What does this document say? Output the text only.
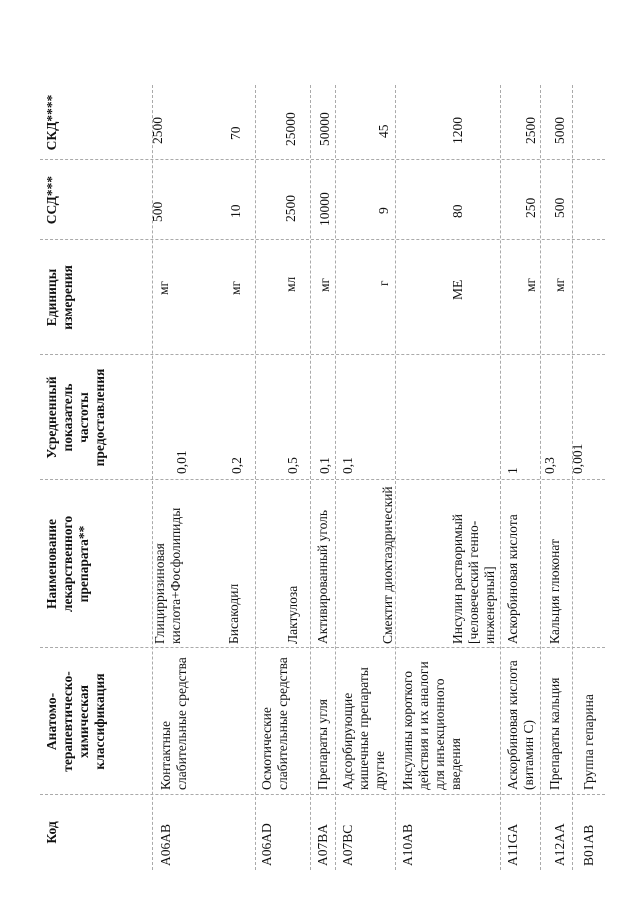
Код
Анатомо-
терапевтическо-
химическая
классификация
Наименование
лекарственного препарата**
Усредненный
показатель
частоты
предоставления
Единицы
измерения
ССД***
СКД****
A06AB
Контактные
слабительные средства
Глицирризиновая
кислота+Фосфолипиды
0,01
мг
500
2500
Бисакодил
0,2
мг
10
70
A06AD
Осмотические
слабительные средства
Лактулоза
0,5
мл
2500
25000
A07BA
Препараты угля
Активированный уголь
0,1
мг
10000
50000
A07BC
Адсорбирующие
кишечные препараты
другие
Смектит диоктаэдрический
0,1
г
9
45
A10AB
Инсулины короткого
действия и их аналоги
для инъекционного
введения
Инсулин растворимый
[человеческий генно-
инженерный]
1
МЕ
80
1200
A11GA
Аскорбиновая кислота
(витамин С)
Аскорбиновая кислота
0,3
мг
250
2500
A12AA
Препараты кальция
Кальция глюконат
0,001
мг
500
5000
B01AB
Группа гепарина
